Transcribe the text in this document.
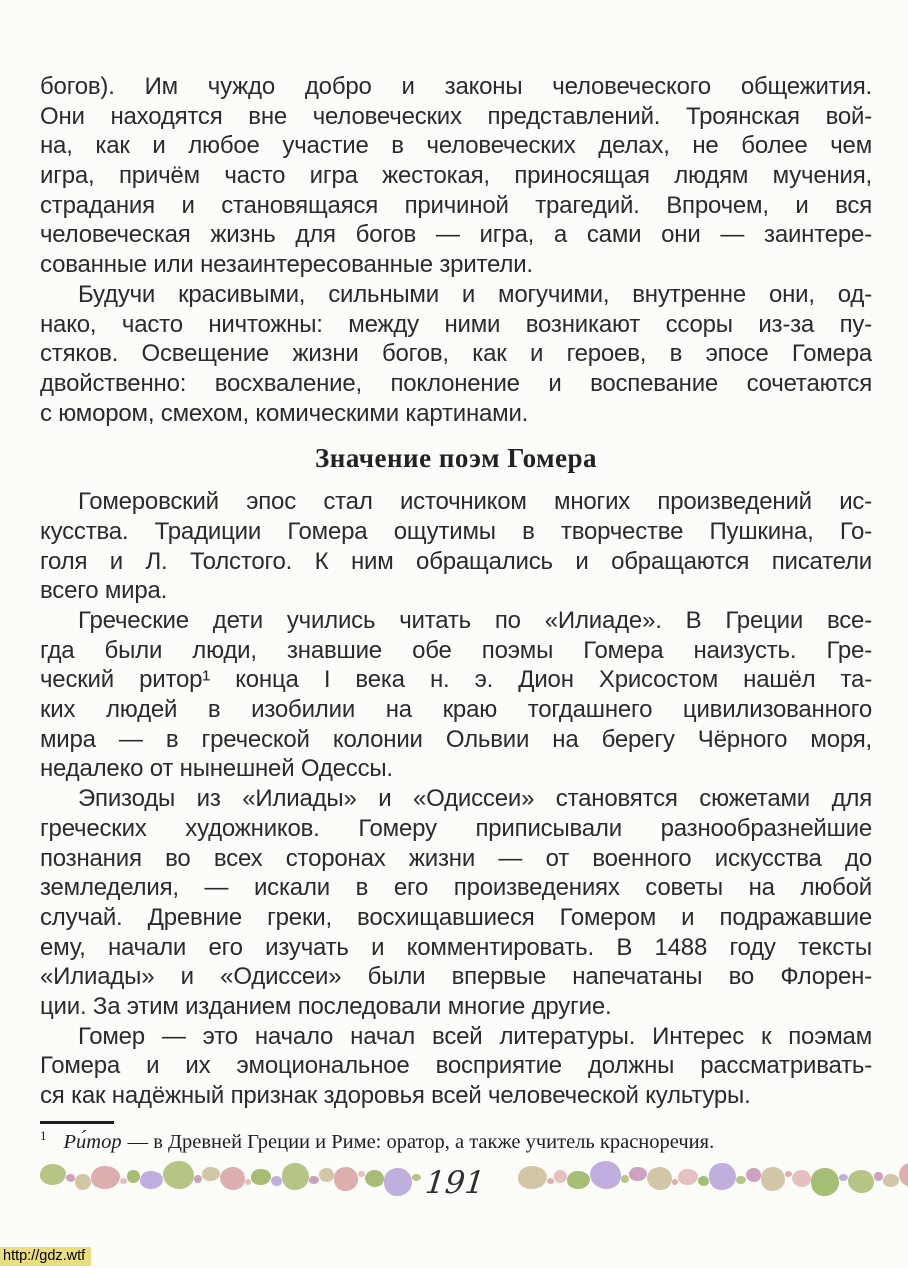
богов). Им чуждо добро и законы человеческого общежития.
Они находятся вне человеческих представлений. Троянская вой-
на, как и любое участие в человеческих делах, не более чем
игра, причём часто игра жестокая, приносящая людям мучения,
страдания и становящаяся причиной трагедий. Впрочем, и вся
человеческая жизнь для богов — игра, а сами они — заинтере-
сованные или незаинтересованные зрители.
Будучи красивыми, сильными и могучими, внутренне они, од-
нако, часто ничтожны: между ними возникают ссоры из-за пу-
стяков. Освещение жизни богов, как и героев, в эпосе Гомера
двойственно: восхваление, поклонение и воспевание сочетаются
с юмором, смехом, комическими картинами.
Значение поэм Гомера
Гомеровский эпос стал источником многих произведений ис-
кусства. Традиции Гомера ощутимы в творчестве Пушкина, Го-
голя и Л. Толстого. К ним обращались и обращаются писатели
всего мира.
Греческие дети учились читать по «Илиаде». В Греции все-
гда были люди, знавшие обе поэмы Гомера наизусть. Гре-
ческий ритор¹ конца I века н. э. Дион Хрисостом нашёл та-
ких людей в изобилии на краю тогдашнего цивилизованного
мира — в греческой колонии Ольвии на берегу Чёрного моря,
недалеко от нынешней Одессы.
Эпизоды из «Илиады» и «Одиссеи» становятся сюжетами для
греческих художников. Гомеру приписывали разнообразнейшие
познания во всех сторонах жизни — от военного искусства до
земледелия, — искали в его произведениях советы на любой
случай. Древние греки, восхищавшиеся Гомером и подражавшие
ему, начали его изучать и комментировать. В 1488 году тексты
«Илиады» и «Одиссеи» были впервые напечатаны во Флорен-
ции. За этим изданием последовали многие другие.
Гомер — это начало начал всей литературы. Интерес к поэмам
Гомера и их эмоциональное восприятие должны рассматривать-
ся как надёжный признак здоровья всей человеческой культуры.
$^1$ Ри́тор — в Древней Греции и Риме: оратор, а также учитель красноречия.
191
http://gdz.wtf
